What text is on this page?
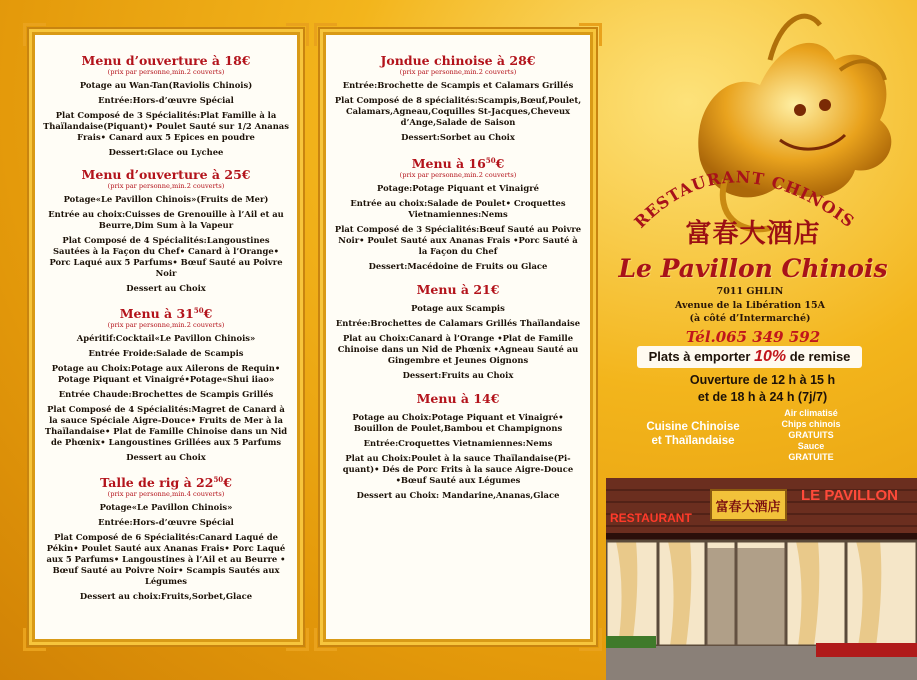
Menu d’ouverture à 18€
(prix par personne,min.2 couverts)
Potage au Wan-Tan(Raviolis Chinois)
Entrée:Hors-d’œuvre Spécial
Plat Composé de 3 Spécialités:Plat Famille à la Thaïlandaise(Piquant)• Poulet Sauté sur 1/2 Ananas Frais• Canard aux 5 Epices en poudre
Dessert:Glace ou Lychee
Menu d’ouverture à 25€
(prix par personne,min.2 couverts)
Potage«Le Pavillon Chinois»(Fruits de Mer)
Entrée au choix:Cuisses de Grenouille à l’Ail et au Beurre,Dim Sum à la Vapeur
Plat Composé de 4 Spécialités:Langoustines Sautées à la Façon du Chef• Canard à l’Orange• Porc Laqué aux 5 Parfums• Bœuf Sauté au Poivre Noir
Dessert au Choix
Menu à $31^{50}€$
(prix par personne,min.2 couverts)
Apéritif:Cocktail«Le Pavillon Chinois»
Entrée Froide:Salade de Scampis
Potage au Choix:Potage aux Ailerons de Requin• Potage Piquant et Vinaigré•Potage«Shui iiao»
Entrée Chaude:Brochettes de Scampis Grillés
Plat Composé de 4 Spécialités:Magret de Canard à la sauce Spéciale Aigre-Douce• Fruits de Mer à la Thaïlandaise• Plat de Famille Chinoise dans un Nid de Phœnix• Langoustines Grillées aux 5 Parfums
Dessert au Choix
Talle de rig à $22^{50}€$
(prix par personne,min.4 couverts)
Potage«Le Pavillon Chinois»
Entrée:Hors-d’œuvre Spécial
Plat Composé de 6 Spécialités:Canard Laqué de Pékin• Poulet Sauté aux Ananas Frais• Porc Laqué aux 5 Parfums• Langoustines à l’Ail et au Beurre • Bœuf Sauté au Poivre Noir• Scampis Sautés aux Légumes
Dessert au choix:Fruits,Sorbet,Glace
Jondue chinoise à 28€
(prix par personne,min.2 couverts)
Entrée:Brochette de Scampis et Calamars Grillés
Plat Composé de 8 spécialités:Scampis,Bœuf,Poulet, Calamars,Agneau,Coquilles St-Jacques,Cheveux d’Ange,Salade de Saison
Dessert:Sorbet au Choix
Menu à $16^{50}€$
(prix par personne,min.2 couverts)
Potage:Potage Piquant et Vinaigré
Entrée au choix:Salade de Poulet• Croquettes Vietnamiennes:Nems
Plat Composé de 3 Spécialités:Bœuf Sauté au Poivre Noir• Poulet Sauté aux Ananas Frais •Porc Sauté à la Façon du Chef
Dessert:Macédoine de Fruits ou Glace
Menu à 21€
Potage aux Scampis
Entrée:Brochettes de Calamars Grillés Thaïlandaise
Plat au Choix:Canard à l’Orange •Plat de Famille Chinoise dans un Nid de Phœnix •Agneau Sauté au Gingembre et Jeunes Oignons
Dessert:Fruits au Choix
Menu à 14€
Potage au Choix:Potage Piquant et Vinaigré• Bouillon de Poulet,Bambou et Champignons
Entrée:Croquettes Vietnamiennes:Nems
Plat au Choix:Poulet à la sauce Thaïlandaise(Pi- quant)• Dés de Porc Frits à la sauce Aigre-Douce •Bœuf Sauté aux Légumes
Dessert au Choix: Mandarine,Ananas,Glace
RESTAURANT CHINOIS
富春大酒店
Le Pavillon Chinois
7011 GHLIN
Avenue de la Libération 15A
(à côté d’Intermarché)
Tél.065 349 592
Plats à emporter 10% de remise
Ouverture de 12 h à 15 h
et de 18 h à 24 h (7j/7)
Cuisine Chinoise
et Thaïlandaise
Air climatisé
Chips chinois
GRATUITS
Sauce
GRATUITE
富春大酒店
RESTAURANT
LE PAVILLON
